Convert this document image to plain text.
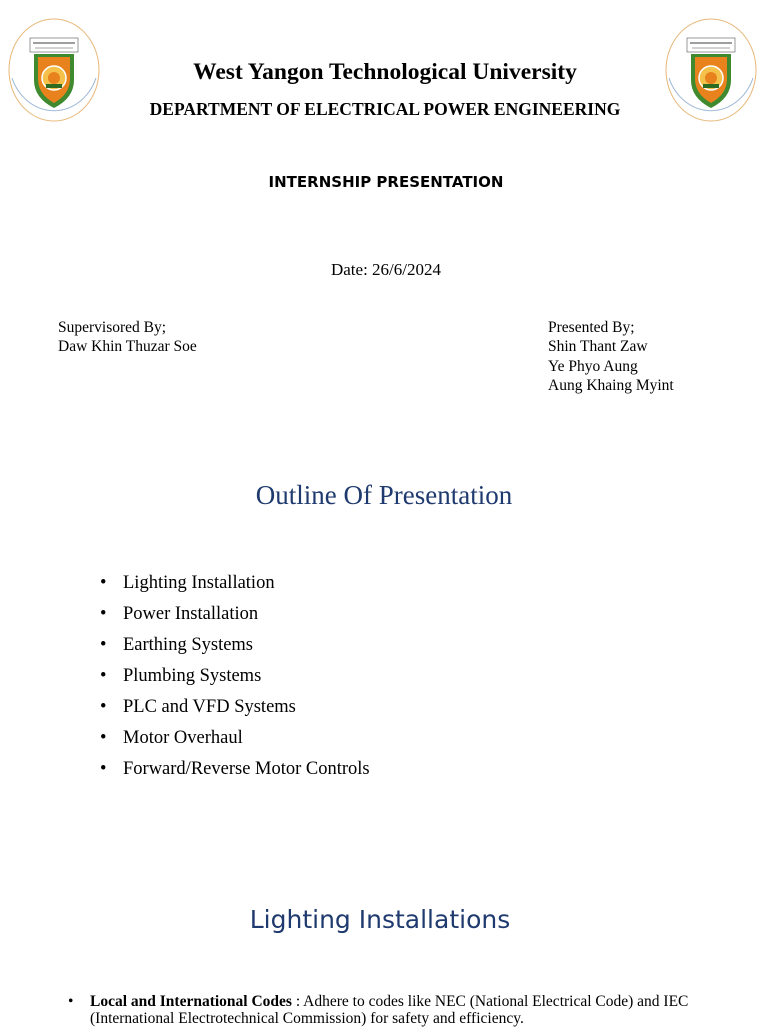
West Yangon Technological University
DEPARTMENT OF ELECTRICAL POWER ENGINEERING
INTERNSHIP PRESENTATION
Date: 26/6/2024
Supervisored By;
Daw Khin Thuzar Soe
Presented By;
Shin Thant Zaw
Ye Phyo Aung
Aung Khaing Myint
Outline Of Presentation
• Lighting Installation
• Power Installation
• Earthing Systems
• Plumbing Systems
• PLC and VFD Systems
• Motor Overhaul
• Forward/Reverse Motor Controls
Lighting Installations
• Local and International Codes : Adhere to codes like NEC (National Electrical Code) and IEC (International Electrotechnical Commission) for safety and efficiency.
